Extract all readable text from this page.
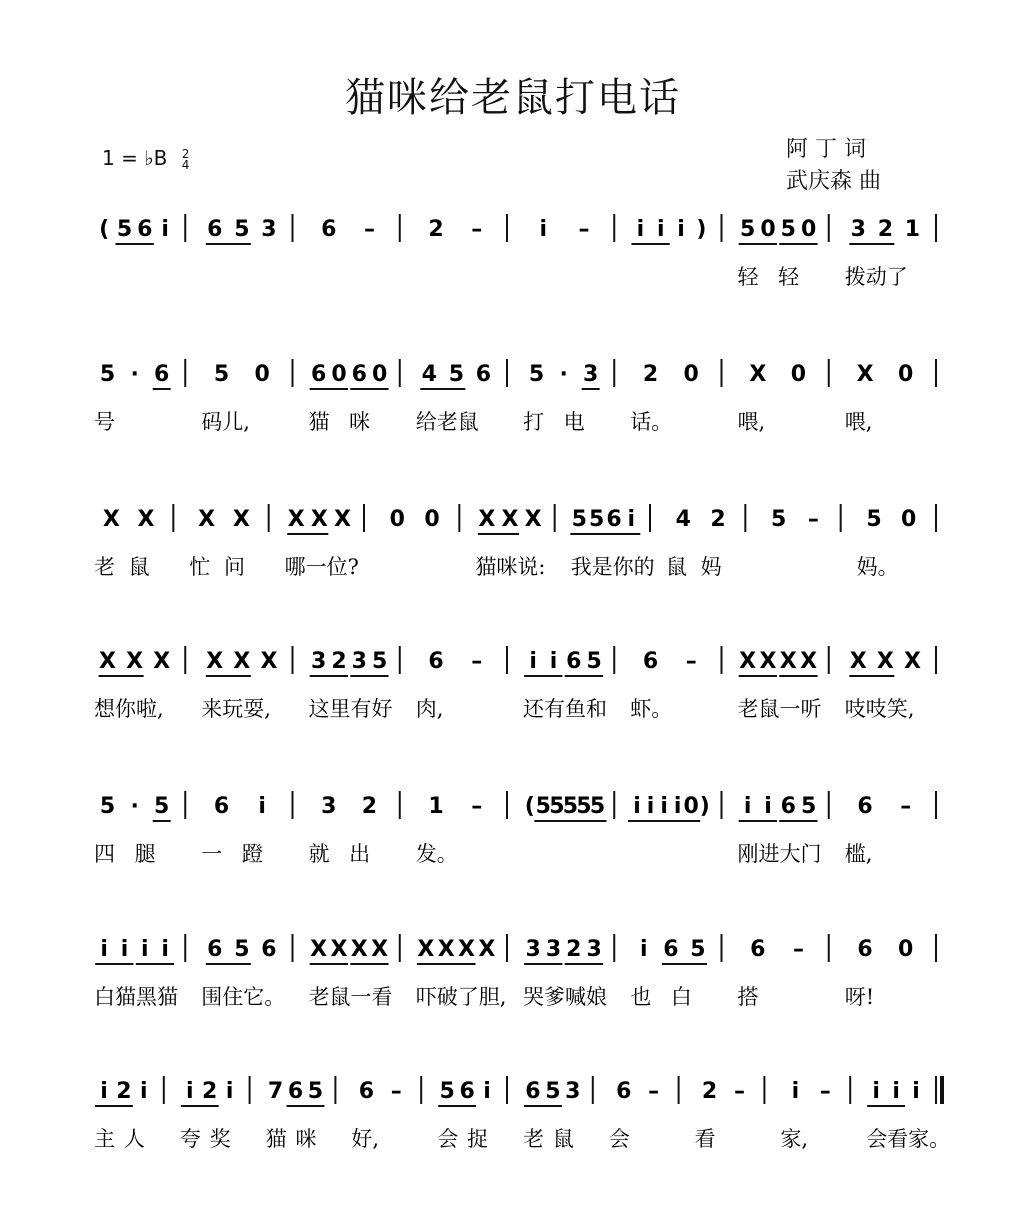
猫咪给老鼠打电话
1 = ♭B 2
4
阿 丁 词
武庆森 曲
( 5 6 i 6 5 3 6 – 2 –	i – i i i ) 5 0 5 0
轻 轻
3 2 1
拨动了
5 · 6
号
5 0
码儿,
6 0 6 0
猫 咪
4 5 6
给老鼠
5 · 3
打 电
2 0
话。
X 0
喂,
X 0
喂,
X X
老 鼠
X X
忙 问
X X X
哪一位?
0 0 X X X
猫咪说:
5 5 6 i
我是你的
4 2
鼠 妈
5 – 5 0
妈。
X X X
想你啦,
X X X
来玩耍,
3 2 3 5
这里有好
6 –
肉,
i i 6 5
还有鱼和
6 –
虾。
X X X X
老鼠一听
X X X
吱吱笑,
5 · 5
四 腿
6 i
一 蹬
3 2
就 出
1 –
发。
( 5
5
5
5
5 i i i i 0 ) i i 6 5
刚进大门
6 –
槛,
i i i i
白猫黑猫
6 5 6
围住它。
X X X X
老鼠一看
X X X X
吓破了胆,
3 3 2 3
哭爹喊娘
i 6 5
也 白
6 –
搭
6 0
呀!
i 2 i
主 人
i 2 i
夸 奖
7 6 5
猫 咪
6 –
好,
5 6 i
会 捉
6 5 3
老 鼠
6 –
会
2 –
看
i –
家,
i i i
会看家。
